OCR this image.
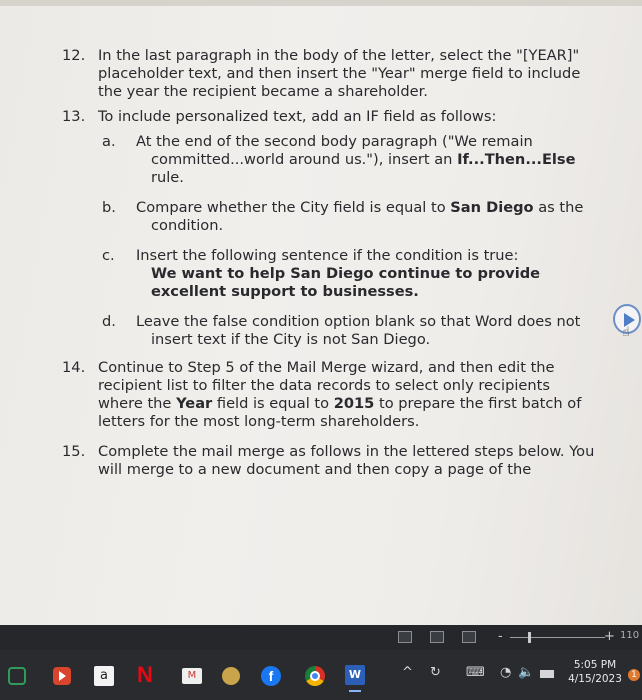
12. In the last paragraph in the body of the letter, select the "[YEAR]"
placeholder text, and then insert the "Year" merge field to include
the year the recipient became a shareholder.
13. To include personalized text, add an IF field as follows:
a. At the end of the second body paragraph ("We remain
committed...world around us."), insert an If...Then...Else
rule.
b. Compare whether the City field is equal to San Diego as the
condition.
c. Insert the following sentence if the condition is true:
We want to help San Diego continue to provide
excellent support to businesses.
d. Leave the false condition option blank so that Word does not
insert text if the City is not San Diego.
14. Continue to Step 5 of the Mail Merge wizard, and then edit the
recipient list to filter the data records to select only recipients
where the Year field is equal to 2015 to prepare the first batch of
letters for the most long-term shareholders.
15. Complete the mail merge as follows in the lettered steps below. You
will merge to a new document and then copy a page of the
☝
-	+ 110
a N	M	f	W	^ ↻ ⌨ ◔ 🔈	5:05 PM
4/15/2023	1
